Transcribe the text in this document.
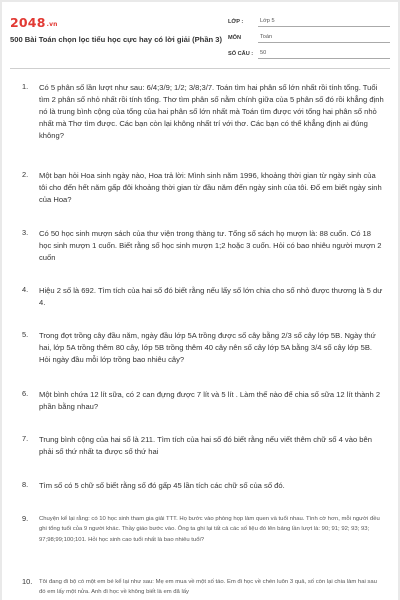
2048.vn
500 Bài Toán chọn lọc tiểu học cực hay có lời giải (Phần 3)
LỚP :	Lớp 5
MÔN	Toán
SỐ CÂU :	50
1. Có 5 phân số lần lượt như sau: 6/4;3/9; 1/2; 3/8;3/7. Toán tìm hai phân số lớn nhất rồi tính tổng. Tuổi tìm 2 phân số nhỏ nhất rồi tính tổng. Thơ tìm phân số nằm chính giữa của 5 phân số đó rồi khẳng định nó là trung bình cộng của tổng của hai phân số lớn nhất mà Toán tìm được với tổng hai phân số nhỏ nhất mà Thơ tìm được. Các bạn còn lại không nhất trí với thơ. Các bạn có thể khẳng định ai đúng không?
2. Một bạn hỏi Hoa sinh ngày nào, Hoa trả lời: Mình sinh năm 1996, khoảng thời gian từ ngày sinh của tôi cho đến hết năm gấp đôi khoảng thời gian từ đầu năm đến ngày sinh của tôi. Đố em biết ngày sinh của Hoa?
3. Có 50 học sinh mượn sách của thư viện trong thàng tư. Tổng số sách họ mượn là: 88 cuốn. Có 18 học sinh mượn 1 cuốn. Biết rằng số học sinh mượn 1;2 hoặc 3 cuốn. Hỏi có bao nhiêu người mượn 2 cuốn
4. Hiệu 2 số là 692. Tìm tích của hai số đó biết rằng nếu lấy số lớn chia cho số nhỏ được thương là 5 dư 4.
5. Trong đợt trồng cây đầu năm, ngày đầu lớp 5A trồng được số cây bằng 2/3 số cây lớp 5B. Ngày thứ hai, lớp 5A trồng thêm 80 cây, lớp 5B trồng thêm 40 cây nên số cây lớp 5A bằng 3/4 số cây lớp 5B. Hỏi ngày đầu mỗi lớp trồng bao nhiêu cây?
6. Một bình chứa 12 lít sữa, có 2 can đựng được 7 lít và 5 lít . Làm thế nào để chia số sữa 12 lít thành 2 phần bằng nhau?
7. Trung bình cộng của hai số là 211. Tìm tích của hai số đó biết rằng nếu viết thêm chữ số 4 vào bên phải số thứ nhất ta được số thứ hai
8. Tìm số có 5 chữ số biết rằng số đó gấp 45 lần tích các chữ số của số đó.
9. Chuyện kể lại rằng: có 10 học sinh tham gia giải TTT. Họ bước vào phòng họp làm quen và tuổi nhau. Tình cờ hơn, mỗi người đều ghi tổng tuổi của 9 người khác. Thầy giáo bước vào. Ông ta ghi lại tất cả các số liệu đó lên bảng lần lượt là: 90; 91; 92; 93; 93; 97;98;99;100;101. Hỏi học sinh cao tuổi nhất là bao nhiêu tuổi?
10. Tôi đang đi bộ có một em bé kể lại như sau: Mẹ em mua về một số táo. Em đi học về chén luôn 3 quả, số còn lại chia làm hai sau đó em lấy một nửa. Anh đi học về không biết là em đã lấy
